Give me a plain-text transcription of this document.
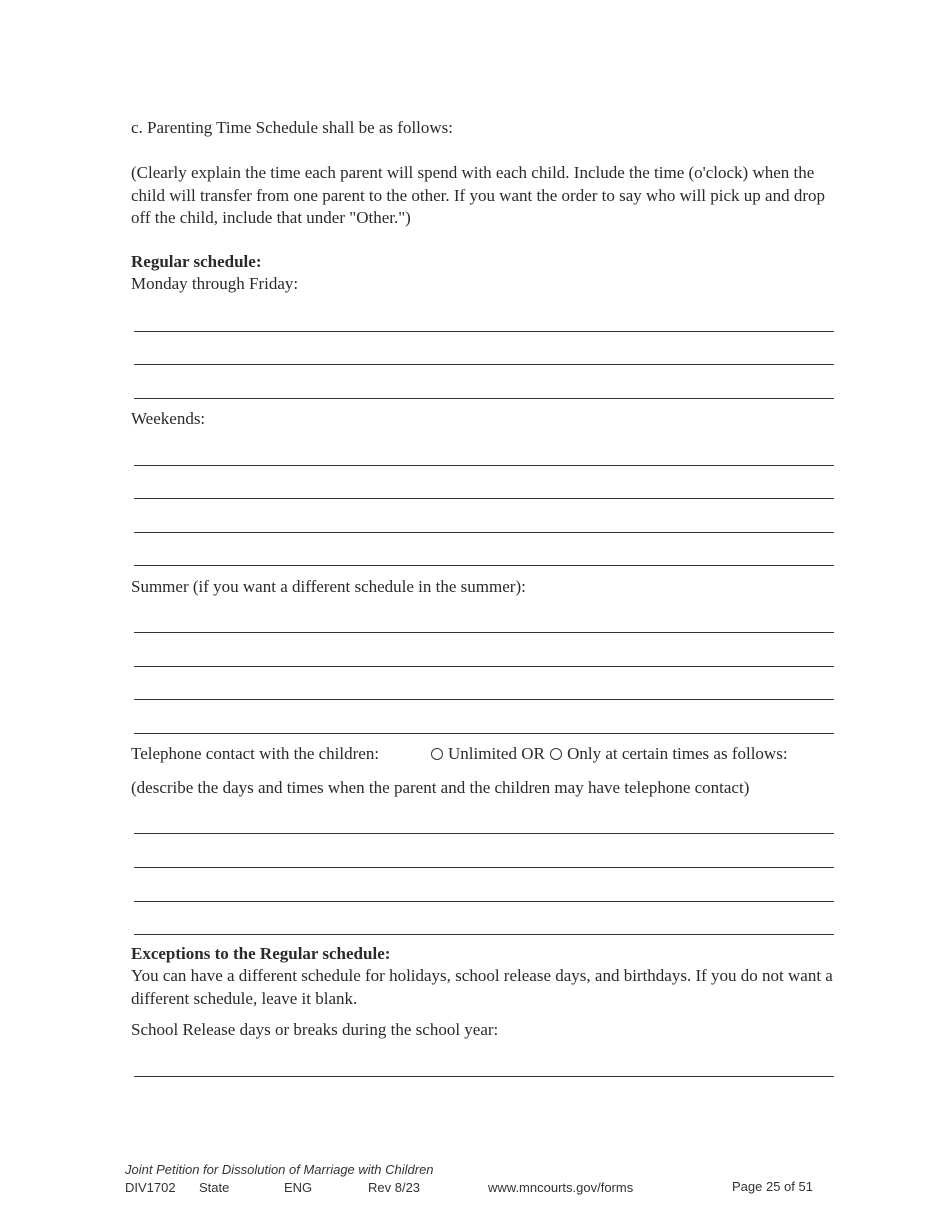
c. Parenting Time Schedule shall be as follows:
(Clearly explain the time each parent will spend with each child. Include the time (o'clock) when the child will transfer from one parent to the other. If you want the order to say who will pick up and drop off the child, include that under "Other.")
Regular schedule:
Monday through Friday:
Weekends:
Summer (if you want a different schedule in the summer):
Telephone contact with the children:	Unlimited OR Only at certain times as follows:
(describe the days and times when the parent and the children may have telephone contact)
Exceptions to the Regular schedule:
You can have a different schedule for holidays, school release days, and birthdays. If you do not want a different schedule, leave it blank.
School Release days or breaks during the school year:
Joint Petition for Dissolution of Marriage with Children
DIV1702 State	ENG	Rev 8/23	www.mncourts.gov/forms	Page 25 of 51
